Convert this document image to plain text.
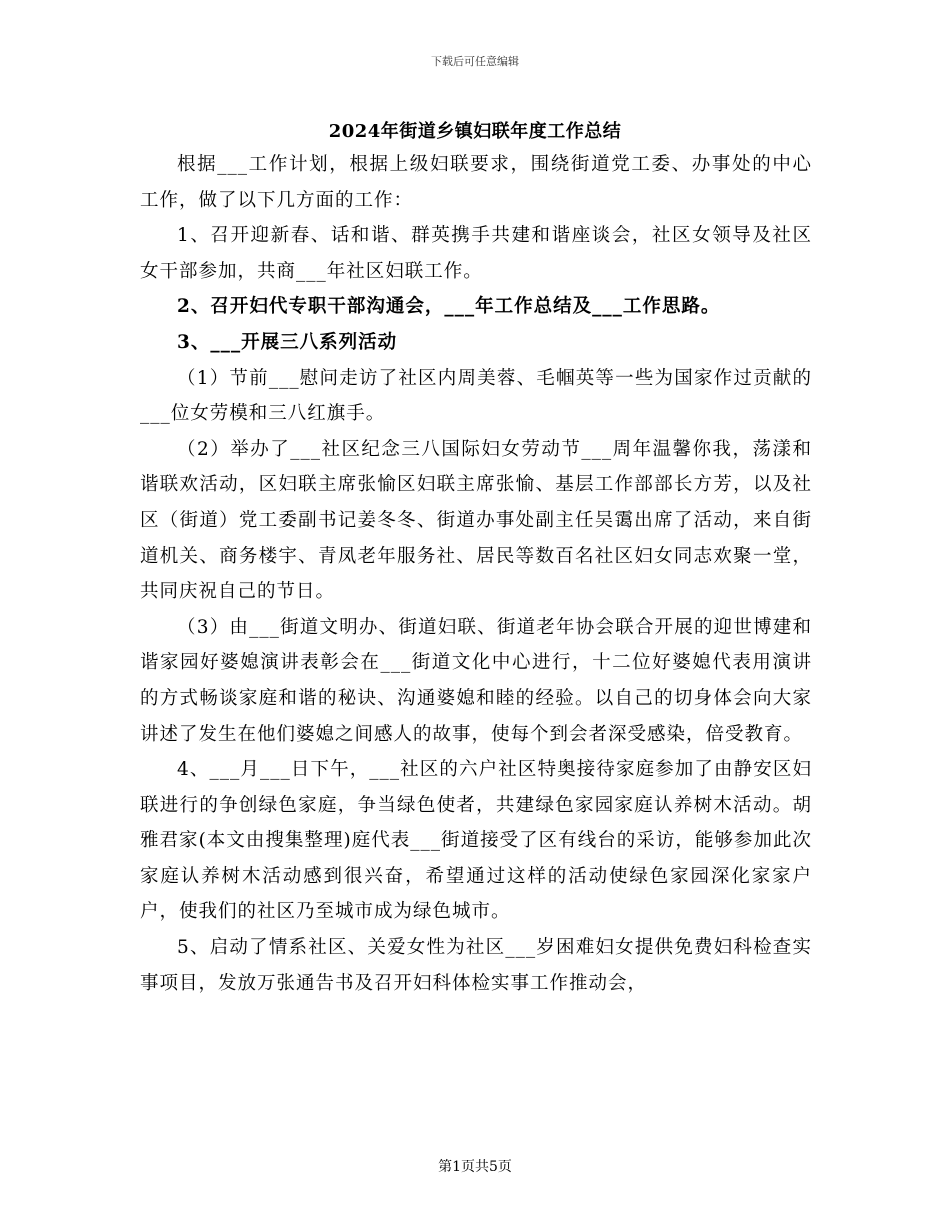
下载后可任意编辑
2024年街道乡镇妇联年度工作总结

根据___工作计划，根据上级妇联要求，围绕街道党工委、办事处的中心工作，做了以下几方面的工作：

1、召开迎新春、话和谐、群英携手共建和谐座谈会，社区女领导及社区女干部参加，共商___年社区妇联工作。

2、召开妇代专职干部沟通会，___年工作总结及___工作思路。

3、___开展三八系列活动

（1）节前___慰问走访了社区内周美蓉、毛帼英等一些为国家作过贡献的___位女劳模和三八红旗手。

（2）举办了___社区纪念三八国际妇女劳动节___周年温馨你我，荡漾和谐联欢活动，区妇联主席张愉区妇联主席张愉、基层工作部部长方芳，以及社区（街道）党工委副书记姜冬冬、街道办事处副主任吴霭出席了活动，来自街道机关、商务楼宇、青凤老年服务社、居民等数百名社区妇女同志欢聚一堂，共同庆祝自己的节日。

（3）由___街道文明办、街道妇联、街道老年协会联合开展的迎世博建和谐家园好婆媳演讲表彰会在___街道文化中心进行，十二位好婆媳代表用演讲的方式畅谈家庭和谐的秘诀、沟通婆媳和睦的经验。以自己的切身体会向大家讲述了发生在他们婆媳之间感人的故事，使每个到会者深受感染，倍受教育。

4、___月___日下午，___社区的六户社区特奥接待家庭参加了由静安区妇联进行的争创绿色家庭，争当绿色使者，共建绿色家园家庭认养树木活动。胡雅君家(本文由搜集整理)庭代表___街道接受了区有线台的采访，能够参加此次家庭认养树木活动感到很兴奋，希望通过这样的活动使绿色家园深化家家户户，使我们的社区乃至城市成为绿色城市。

5、启动了情系社区、关爱女性为社区___岁困难妇女提供免费妇科检查实事项目，发放万张通告书及召开妇科体检实事工作推动会，

第1页共5页
